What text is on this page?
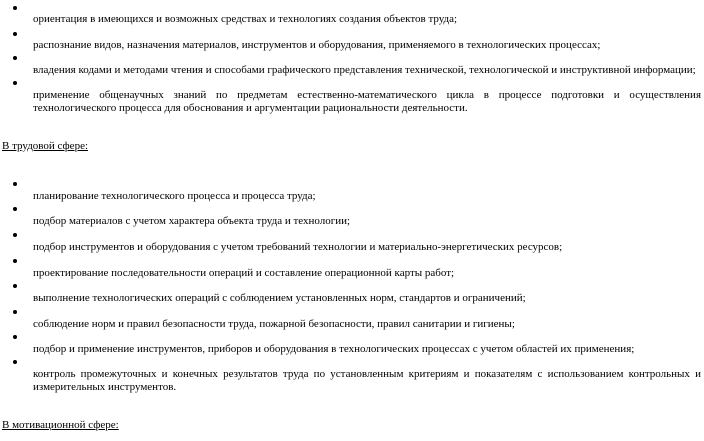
ориентация в имеющихся и возможных средствах и технологиях создания объектов труда;

распознание видов, назначения материалов, инструментов и оборудования, применяемого в технологических процессах;

владения кодами и методами чтения и способами графического представления технической, технологической и инструктивной информации;

применение общенаучных знаний по предметам естественно-математического цикла в процессе подготовки и осуществления технологического процесса для обоснования и аргументации рациональности деятельности.

В трудовой сфере:

планирование технологического процесса и процесса труда;

подбор материалов с учетом характера объекта труда и технологии;

подбор инструментов и оборудования с учетом требований технологии и материально-энергетических ресурсов;

проектирование последовательности операций и составление операционной карты работ;

выполнение технологических операций с соблюдением установленных норм, стандартов и ограничений;

соблюдение норм и правил безопасности труда, пожарной безопасности, правил санитарии и гигиены;

подбор и применение инструментов, приборов и оборудования в технологических процессах с учетом областей их применения;

контроль промежуточных и конечных результатов труда по установленным критериям и показателям с использованием контрольных и измерительных инструментов.

В мотивационной сфере:
